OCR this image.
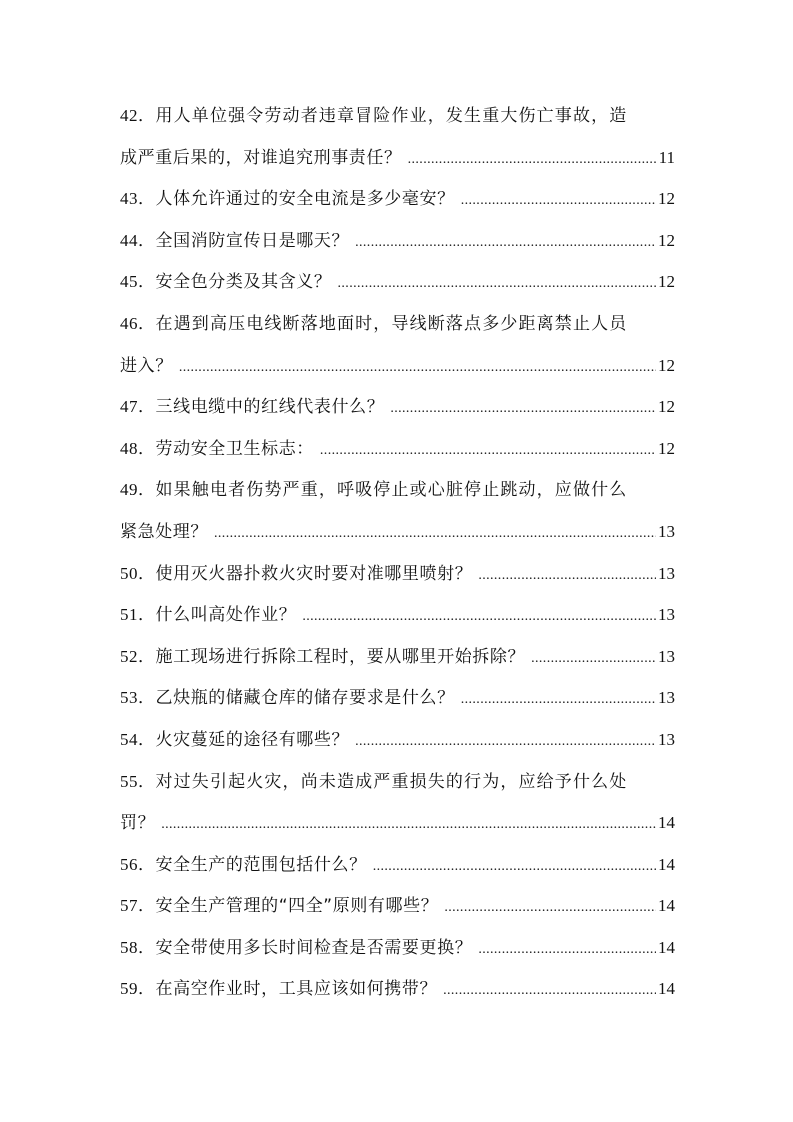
42． 用人单位强令劳动者违章冒险作业，发生重大伤亡事故，造
成严重后果的，对谁追究刑事责任？ .....	11
43． 人体允许通过的安全电流是多少毫安？ .....	12
44． 全国消防宣传日是哪天？ .....	12
45． 安全色分类及其含义？ .....	12
46． 在遇到高压电线断落地面时，导线断落点多少距离禁止人员
进入？ .....	12
47． 三线电缆中的红线代表什么？ .....	12
48． 劳动安全卫生标志： .....	12
49． 如果触电者伤势严重，呼吸停止或心脏停止跳动，应做什么
紧急处理？ .....	13
50． 使用灭火器扑救火灾时要对准哪里喷射？ .....	13
51． 什么叫高处作业？ .....	13
52． 施工现场进行拆除工程时，要从哪里开始拆除？ .....	13
53． 乙炔瓶的储藏仓库的储存要求是什么？ .....	13
54． 火灾蔓延的途径有哪些？ .....	13
55． 对过失引起火灾，尚未造成严重损失的行为，应给予什么处
罚？ .....	14
56． 安全生产的范围包括什么？ .....	14
57． 安全生产管理的“四全”原则有哪些？ .....	14
58． 安全带使用多长时间检查是否需要更换？ .....	14
59． 在高空作业时，工具应该如何携带？ .....	14
